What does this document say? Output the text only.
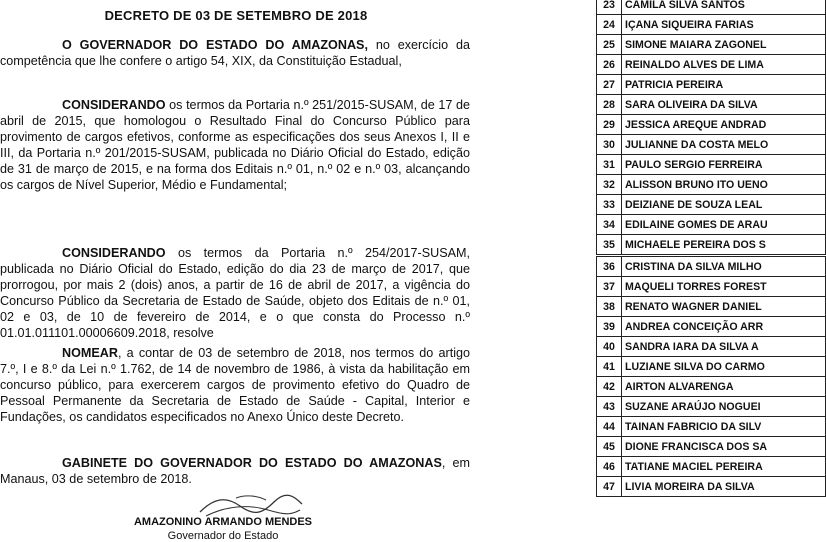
DECRETO DE 03 DE SETEMBRO DE 2018

O GOVERNADOR DO ESTADO DO AMAZONAS, no exercício da competência que lhe confere o artigo 54, XIX, da Constituição Estadual,

CONSIDERANDO os termos da Portaria n.º 251/2015-SUSAM, de 17 de abril de 2015, que homologou o Resultado Final do Concurso Público para provimento de cargos efetivos, conforme as especificações dos seus Anexos I, II e III, da Portaria n.º 201/2015-SUSAM, publicada no Diário Oficial do Estado, edição de 31 de março de 2015, e na forma dos Editais n.º 01, n.º 02 e n.º 03, alcançando os cargos de Nível Superior, Médio e Fundamental;

CONSIDERANDO os termos da Portaria n.º 254/2017-SUSAM, publicada no Diário Oficial do Estado, edição do dia 23 de março de 2017, que prorrogou, por mais 2 (dois) anos, a partir de 16 de abril de 2017, a vigência do Concurso Público da Secretaria de Estado de Saúde, objeto dos Editais de n.º 01, 02 e 03, de 10 de fevereiro de 2014, e o que consta do Processo n.º 01.01.011101.00006609.2018, resolve

NOMEAR, a contar de 03 de setembro de 2018, nos termos do artigo 7.º, I e 8.º da Lei n.º 1.762, de 14 de novembro de 1986, à vista da habilitação em concurso público, para exercerem cargos de provimento efetivo do Quadro de Pessoal Permanente da Secretaria de Estado de Saúde - Capital, Interior e Fundações, os candidatos especificados no Anexo Único deste Decreto.

GABINETE DO GOVERNADOR DO ESTADO DO AMAZONAS, em Manaus, 03 de setembro de 2018.

AMAZONINO ARMANDO MENDES
Governador do Estado
23	CAMILA SILVA SANTOS
24	IÇANA SIQUEIRA FARIAS
25	SIMONE MAIARA ZAGONEL
26	REINALDO ALVES DE LIMA
27	PATRICIA PEREIRA
28	SARA OLIVEIRA DA SILVA
29	JESSICA AREQUE ANDRAD
30	JULIANNE DA COSTA MELO
31	PAULO SERGIO FERREIRA
32	ALISSON BRUNO ITO UENO
33	DEIZIANE DE SOUZA LEAL
34	EDILAINE GOMES DE ARAU
35	MICHAELE PEREIRA DOS S
36	CRISTINA DA SILVA MILHO
37	MAQUELI TORRES FOREST
38	RENATO WAGNER DANIEL
39	ANDREA CONCEIÇÃO ARR
40	SANDRA IARA DA SILVA A
41	LUZIANE SILVA DO CARMO
42	AIRTON ALVARENGA
43	SUZANE ARAÚJO NOGUEI
44	TAINAN FABRICIO DA SILV
45	DIONE FRANCISCA DOS SA
46	TATIANE MACIEL PEREIRA
47	LIVIA MOREIRA DA SILVA
